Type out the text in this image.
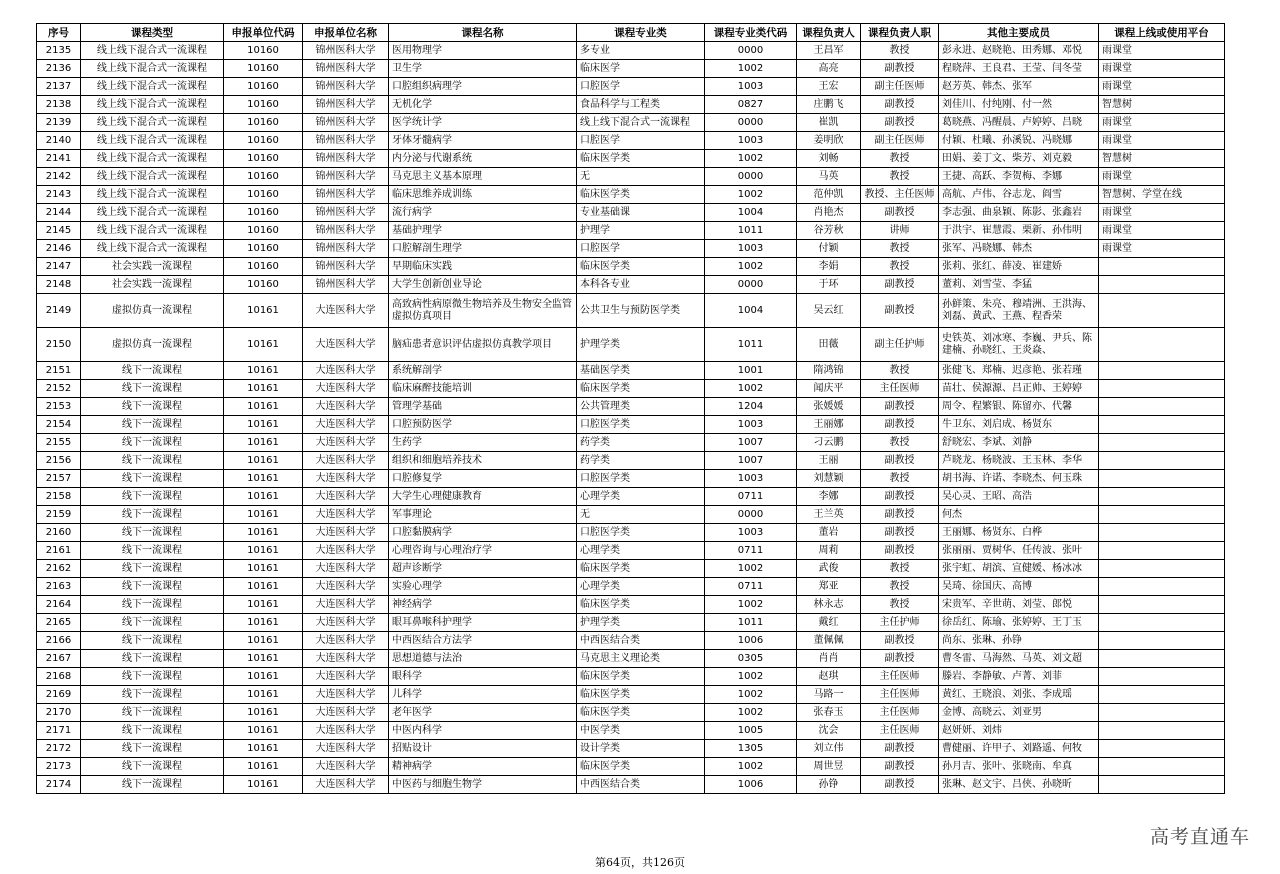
序号	课程类型	申报单位代码	申报单位名称	课程名称	课程专业类	课程专业类代码	课程负责人	课程负责人职	其他主要成员	课程上线或使用平台
2135	线上线下混合式一流课程	10160	锦州医科大学	医用物理学	多专业	0000	王昌军	教授	彭永进、赵晓艳、田秀娜、邓悦	雨课堂
2136	线上线下混合式一流课程	10160	锦州医科大学	卫生学	临床医学	1002	高亮	副教授	程晓萍、王良君、王莹、闫冬莹	雨课堂
2137	线上线下混合式一流课程	10160	锦州医科大学	口腔组织病理学	口腔医学	1003	王宏	副主任医师	赵芳英、韩杰、张军	雨课堂
2138	线上线下混合式一流课程	10160	锦州医科大学	无机化学	食品科学与工程类	0827	庄鹏飞	副教授	刘佳川、付纯刚、付一然	智慧树
2139	线上线下混合式一流课程	10160	锦州医科大学	医学统计学	线上线下混合式一流课程	0000	崔凯	副教授	葛晓燕、冯醒晨、卢婷婷、吕晓	雨课堂
2140	线上线下混合式一流课程	10160	锦州医科大学	牙体牙髓病学	口腔医学	1003	姜明欣	副主任医师	付颖、杜曦、孙溪锐、冯晓娜	雨课堂
2141	线上线下混合式一流课程	10160	锦州医科大学	内分泌与代谢系统	临床医学类	1002	刘畅	教授	田娟、姜丁文、柴芳、刘克毅	智慧树
2142	线上线下混合式一流课程	10160	锦州医科大学	马克思主义基本原理	无	0000	马英	教授	王捷、高跃、李贺梅、李娜	雨课堂
2143	线上线下混合式一流课程	10160	锦州医科大学	临床思维养成训练	临床医学类	1002	范仲凯	教授、主任医师	高航、卢伟、谷志龙、阎雪	智慧树、学堂在线
2144	线上线下混合式一流课程	10160	锦州医科大学	流行病学	专业基础课	1004	肖艳杰	副教授	李志强、曲泉颖、陈影、张鑫岩	雨课堂
2145	线上线下混合式一流课程	10160	锦州医科大学	基础护理学	护理学	1011	谷芳秋	讲师	于洪宇、崔慧霞、栗新、孙伟明	雨课堂
2146	线上线下混合式一流课程	10160	锦州医科大学	口腔解剖生理学	口腔医学	1003	付颖	教授	张军、冯晓娜、韩杰	雨课堂
2147	社会实践一流课程	10160	锦州医科大学	早期临床实践	临床医学类	1002	李娟	教授	张莉、张红、薛凌、崔建娇	
2148	社会实践一流课程	10160	锦州医科大学	大学生创新创业导论	本科各专业	0000	于环	副教授	董莉、刘雪莹、李猛	
2149	虚拟仿真一流课程	10161	大连医科大学	高致病性病原微生物培养及生物安全监管虚拟仿真项目	公共卫生与预防医学类	1004	吴云红	副教授	孙鲜策、朱亮、穆靖洲、王洪海、刘磊、黄武、王燕、程香荣	
2150	虚拟仿真一流课程	10161	大连医科大学	脑疝患者意识评估虚拟仿真教学项目	护理学类	1011	田薇	副主任护师	史铁英、刘冰寒、李巍、尹兵、陈建楠、孙晓红、王炎焱、	
2151	线下一流课程	10161	大连医科大学	系统解剖学	基础医学类	1001	隋鸿锦	教授	张健飞、郑楠、迟彦艳、张若瑾	
2152	线下一流课程	10161	大连医科大学	临床麻醉技能培训	临床医学类	1002	闻庆平	主任医师	苗壮、侯源源、吕正帅、王婷婷	
2153	线下一流课程	10161	大连医科大学	管理学基础	公共管理类	1204	张媛媛	副教授	周令、程繁银、陈留亦、代馨	
2154	线下一流课程	10161	大连医科大学	口腔预防医学	口腔医学类	1003	王丽娜	副教授	牛卫东、刘启成、杨贤东	
2155	线下一流课程	10161	大连医科大学	生药学	药学类	1007	刁云鹏	教授	舒晓宏、李斌、刘静	
2156	线下一流课程	10161	大连医科大学	组织和细胞培养技术	药学类	1007	王丽	副教授	芦晓龙、杨晓波、王玉林、李华	
2157	线下一流课程	10161	大连医科大学	口腔修复学	口腔医学类	1003	刘慧颖	教授	胡书海、许诺、李晓杰、何玉珠	
2158	线下一流课程	10161	大连医科大学	大学生心理健康教育	心理学类	0711	李娜	副教授	吴心灵、王昭、高浩	
2159	线下一流课程	10161	大连医科大学	军事理论	无	0000	王兰英	副教授	何杰	
2160	线下一流课程	10161	大连医科大学	口腔黏膜病学	口腔医学类	1003	董岩	副教授	王丽娜、杨贤东、白桦	
2161	线下一流课程	10161	大连医科大学	心理咨询与心理治疗学	心理学类	0711	周莉	副教授	张丽丽、贾树华、任传波、张叶	
2162	线下一流课程	10161	大连医科大学	超声诊断学	临床医学类	1002	武俊	教授	张宇虹、胡滨、宣健媛、杨冰冰	
2163	线下一流课程	10161	大连医科大学	实验心理学	心理学类	0711	郑亚	教授	吴琦、徐国庆、高博	
2164	线下一流课程	10161	大连医科大学	神经病学	临床医学类	1002	林永志	教授	宋贵军、辛世萌、刘莹、郎悦	
2165	线下一流课程	10161	大连医科大学	眼耳鼻喉科护理学	护理学类	1011	戴红	主任护师	徐岳红、陈瑜、张婷婷、王丁玉	
2166	线下一流课程	10161	大连医科大学	中西医结合方法学	中西医结合类	1006	董佩佩	副教授	尚东、张琳、孙铮	
2167	线下一流课程	10161	大连医科大学	思想道德与法治	马克思主义理论类	0305	肖肖	副教授	曹冬雷、马海然、马英、刘文超	
2168	线下一流课程	10161	大连医科大学	眼科学	临床医学类	1002	赵琪	主任医师	滕岩、李静敏、卢菁、刘菲	
2169	线下一流课程	10161	大连医科大学	儿科学	临床医学类	1002	马路一	主任医师	黄红、王晓浪、刘张、李成瑶	
2170	线下一流课程	10161	大连医科大学	老年医学	临床医学类	1002	张春玉	主任医师	金博、高晓云、刘亚男	
2171	线下一流课程	10161	大连医科大学	中医内科学	中医学类	1005	沈会	主任医师	赵妍妍、刘炜	
2172	线下一流课程	10161	大连医科大学	招贴设计	设计学类	1305	刘立伟	副教授	曹健丽、许甲子、刘路遥、何牧	
2173	线下一流课程	10161	大连医科大学	精神病学	临床医学类	1002	周世昱	副教授	孙月吉、张叶、张晓南、牟真	
2174	线下一流课程	10161	大连医科大学	中医药与细胞生物学	中西医结合类	1006	孙铮	副教授	张琳、赵文宇、吕侠、孙晓昕	
第64页，共126页
高考直通车
